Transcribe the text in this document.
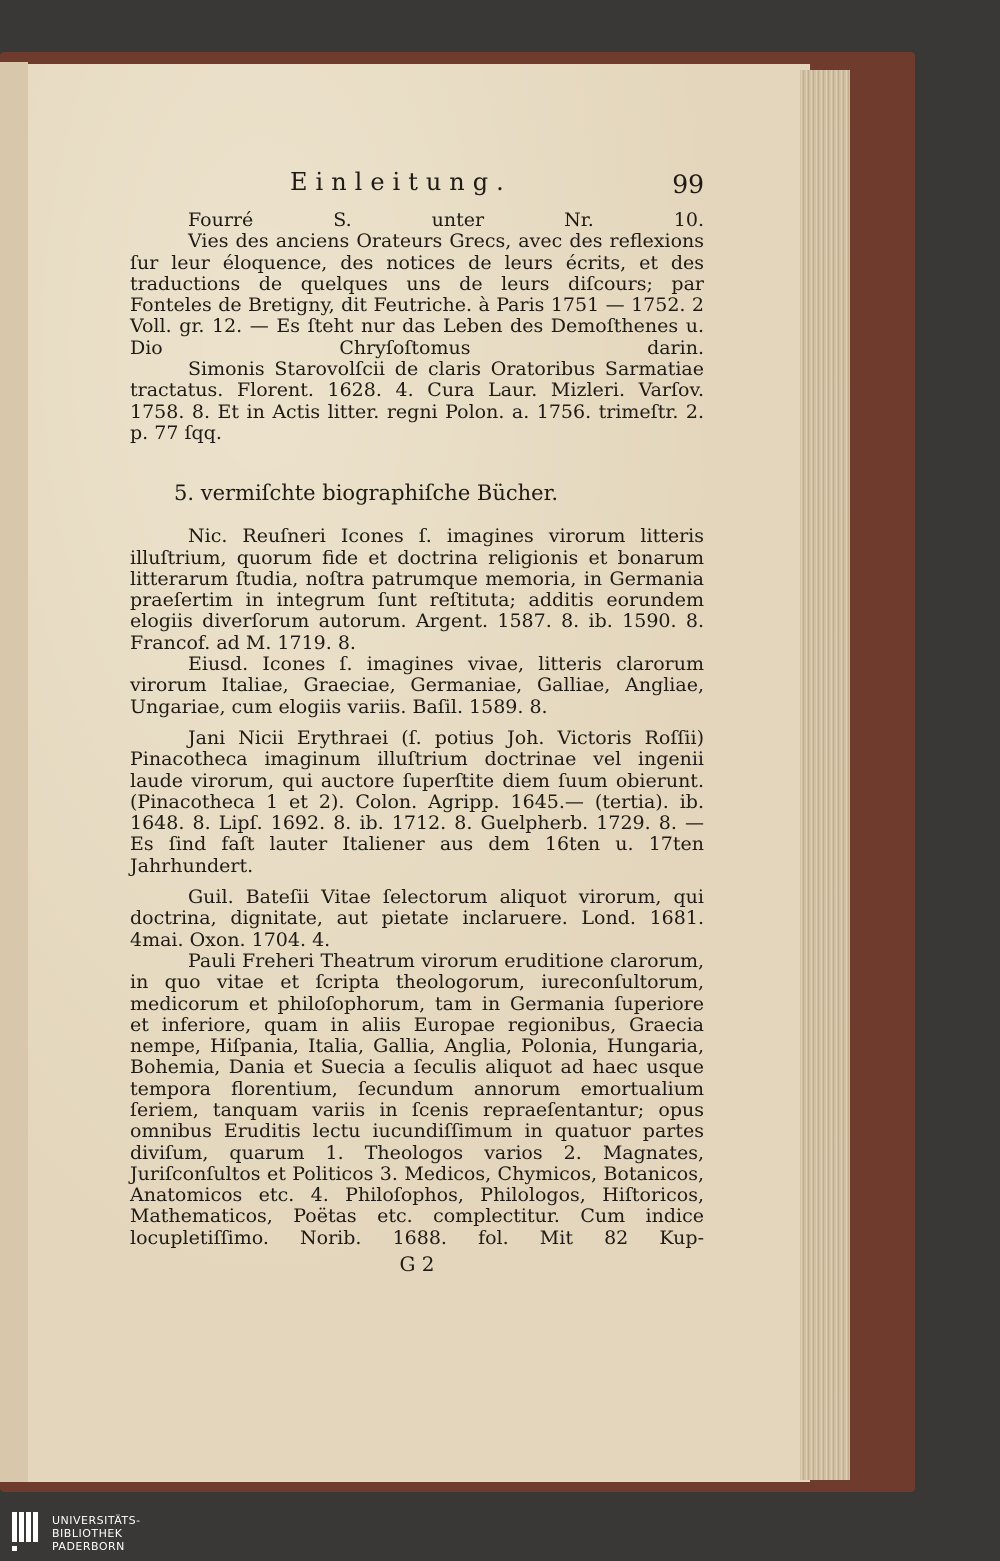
Einleitung.	99

Fourré S. unter Nr. 10.

Vies des anciens Orateurs Grecs, avec des reflexions ſur leur éloquence, des notices de leurs écrits, et des traductions de quelques uns de leurs diſcours; par Fonteles de Bretigny, dit Feutriche. à Paris 1751 — 1752. 2 Voll. gr. 12. — Es ſteht nur das Leben des Demoſthenes u. Dio Chryſoſtomus darin.

Simonis Starovolſcii de claris Oratoribus Sarmatiae tractatus. Florent. 1628. 4. Cura Laur. Mizleri. Varſov. 1758. 8. Et in Actis litter. regni Polon. a. 1756. trimeſtr. 2. p. 77 ſqq.

5. vermiſchte biographiſche Bücher.

Nic. Reuſneri Icones ſ. imagines virorum litteris illuſtrium, quorum fide et doctrina religionis et bonarum litterarum ſtudia, noſtra patrumque memoria, in Germania praeſertim in integrum ſunt reſtituta; additis eorundem elogiis diverſorum autorum. Argent. 1587. 8. ib. 1590. 8. Francof. ad M. 1719. 8.

Eiusd. Icones ſ. imagines vivae, litteris clarorum virorum Italiae, Graeciae, Germaniae, Galliae, Angliae, Ungariae, cum elogiis variis. Baſil. 1589. 8.

Jani Nicii Erythraei (ſ. potius Joh. Victoris Roſſii) Pinacotheca imaginum illuſtrium doctrinae vel ingenii laude virorum, qui auctore ſuperſtite diem ſuum obierunt. (Pinacotheca 1 et 2). Colon. Agripp. 1645.— (tertia). ib. 1648. 8. Lipſ. 1692. 8. ib. 1712. 8. Guelpherb. 1729. 8. — Es ſind faſt lauter Italiener aus dem 16ten u. 17ten Jahrhundert.

Guil. Bateſii Vitae ſelectorum aliquot virorum, qui doctrina, dignitate, aut pietate inclaruere. Lond. 1681. 4mai. Oxon. 1704. 4.

Pauli Freheri Theatrum virorum eruditione clarorum, in quo vitae et ſcripta theologorum, iureconſultorum, medicorum et philoſophorum, tam in Germania ſuperiore et inferiore, quam in aliis Europae regionibus, Graecia nempe, Hiſpania, Italia, Gallia, Anglia, Polonia, Hungaria, Bohemia, Dania et Suecia a ſeculis aliquot ad haec usque tempora florentium, ſecundum annorum emortualium ſeriem, tanquam variis in ſcenis repraeſentantur; opus omnibus Eruditis lectu iucundiſſimum in quatuor partes diviſum, quarum 1. Theologos varios 2. Magnates, Juriſconſultos et Politicos 3. Medicos, Chymicos, Botanicos, Anatomicos etc. 4. Philoſophos, Philologos, Hiſtoricos, Mathematicos, Poëtas etc. complectitur. Cum indice locupletiſſimo. Norib. 1688. fol. Mit 82 Kup-

G 2
UNIVERSITÄTS-
BIBLIOTHEK
PADERBORN
